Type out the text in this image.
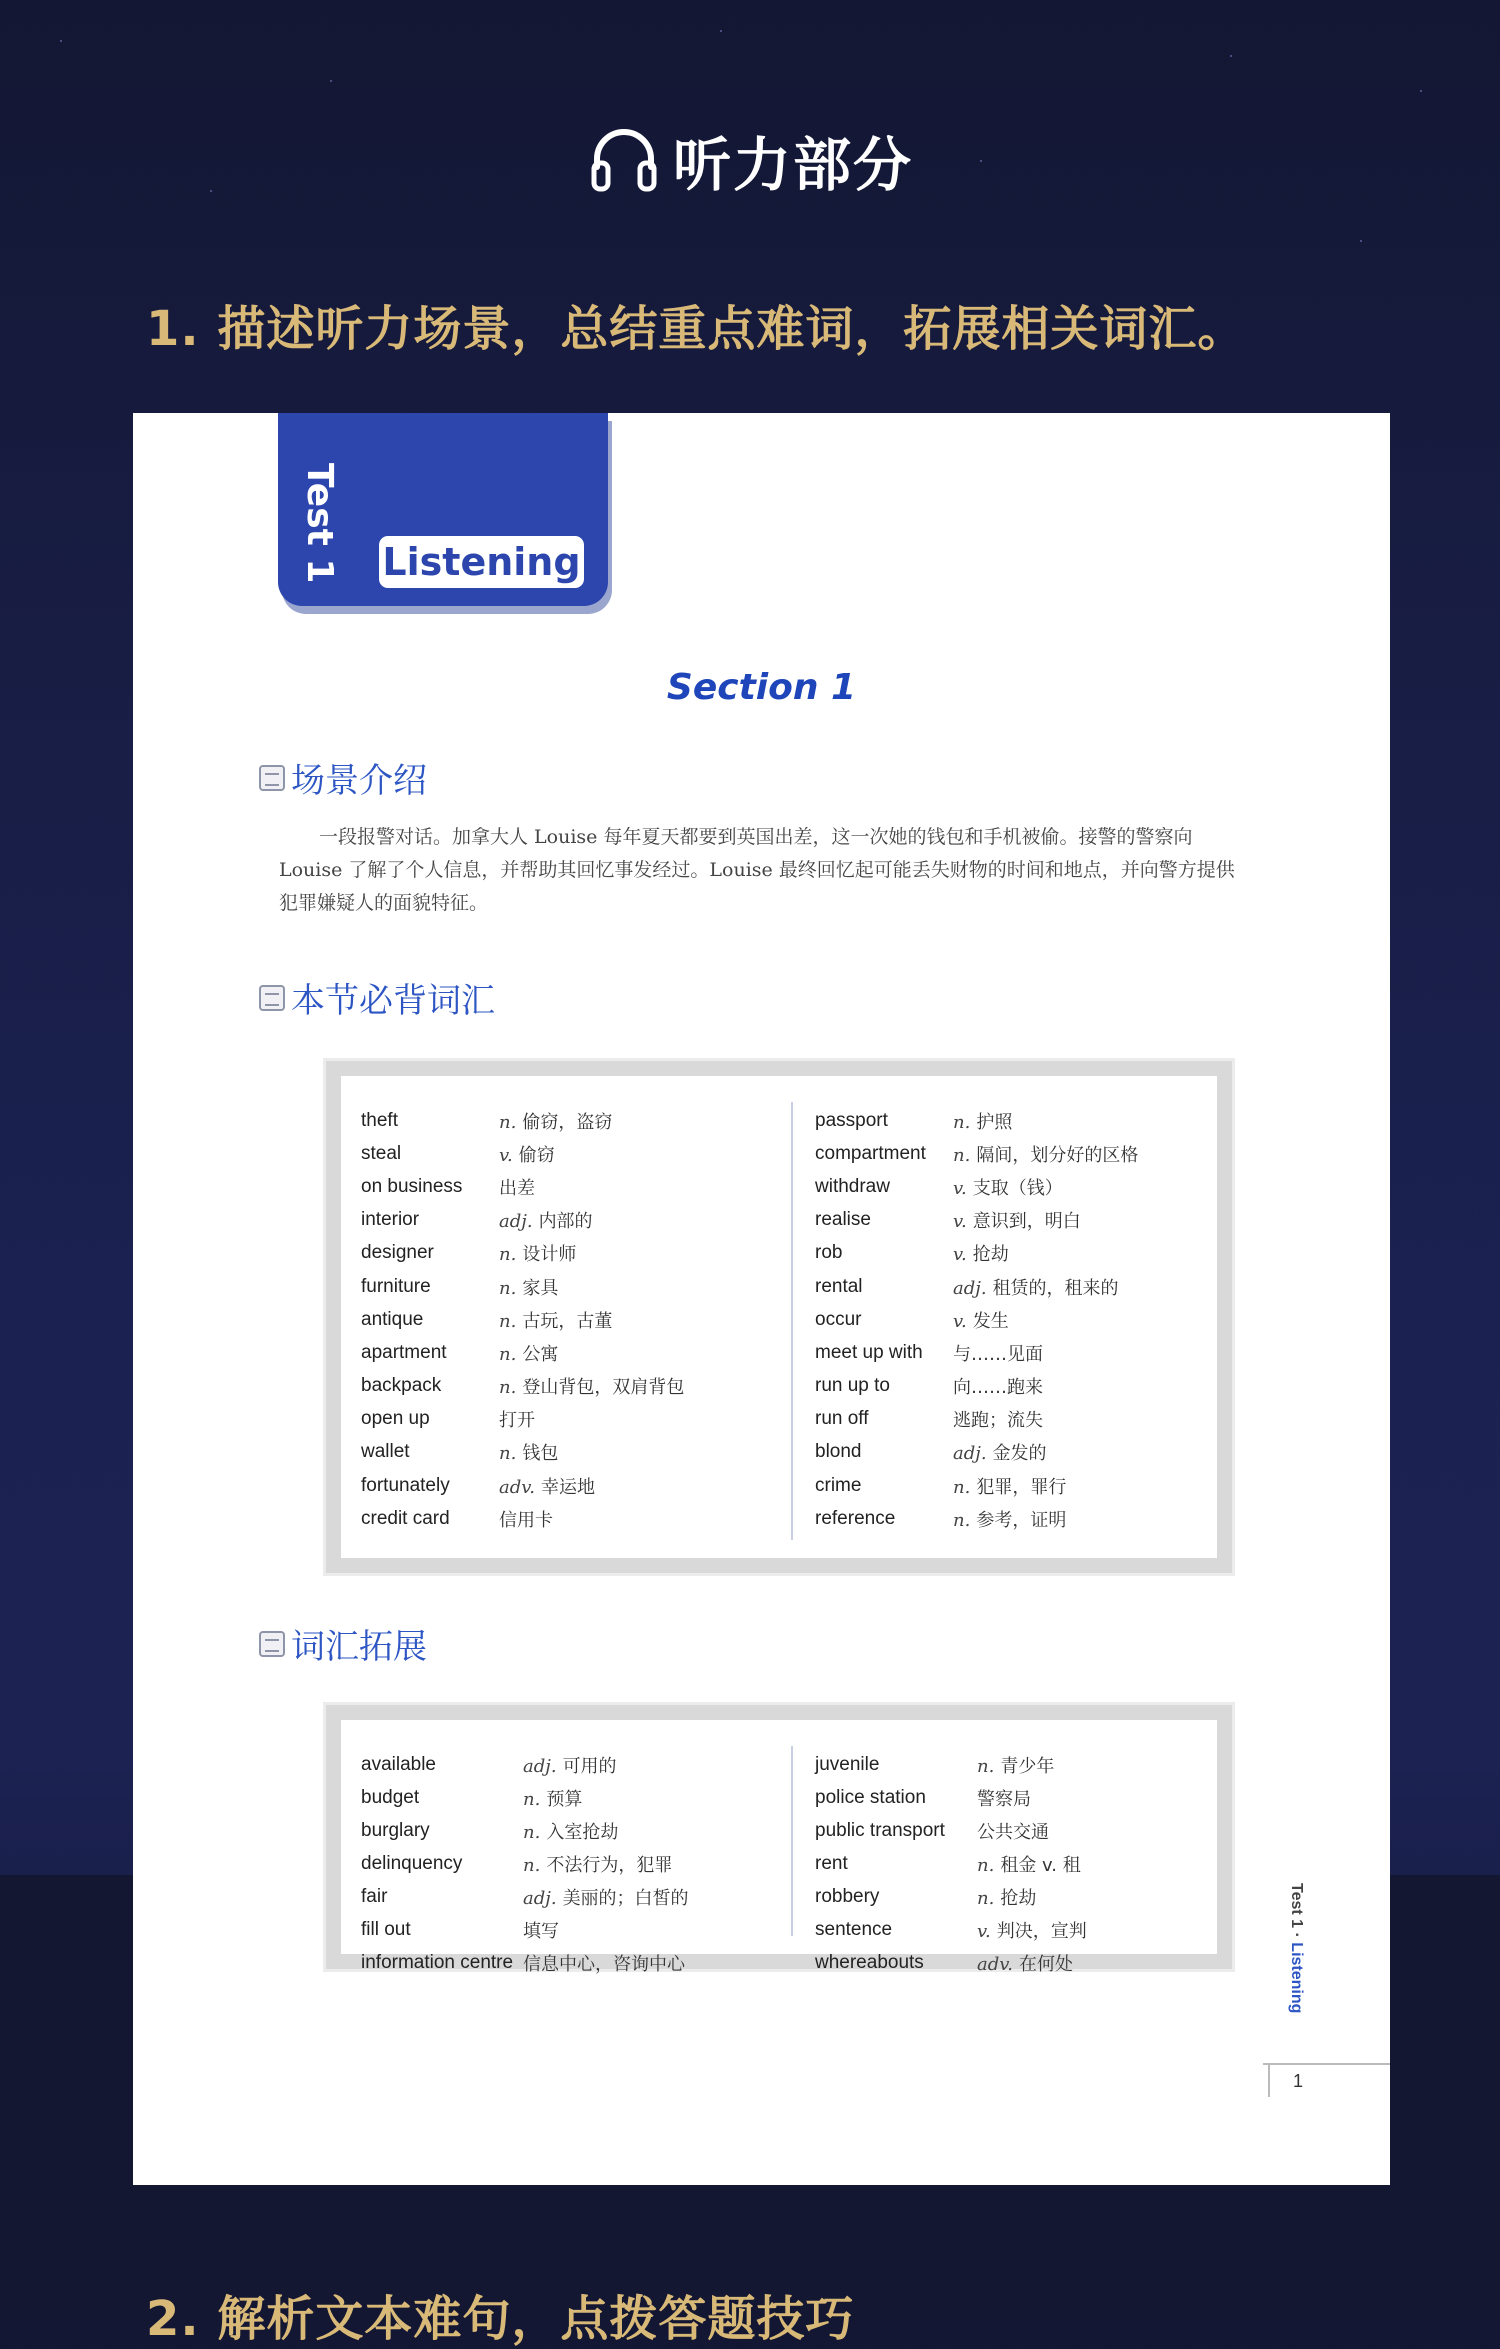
听力部分
1. 描述听力场景，总结重点难词，拓展相关词汇。
Test 1 Listening
Section 1
场景介绍

一段报警对话。加拿大人 Louise 每年夏天都要到英国出差，这一次她的钱包和手机被偷。接警的警察向 Louise 了解了个人信息，并帮助其回忆事发经过。Louise 最终回忆起可能丢失财物的时间和地点，并向警方提供犯罪嫌疑人的面貌特征。

本节必背词汇
theft	n. 偷窃，盗窃
steal	v. 偷窃
on business	出差
interior	adj. 内部的
designer	n. 设计师
furniture	n. 家具
antique	n. 古玩，古董
apartment	n. 公寓
backpack	n. 登山背包，双肩背包
open up	打开
wallet	n. 钱包
fortunately	adv. 幸运地
credit card	信用卡
passport	n. 护照
compartment	n. 隔间，划分好的区格
withdraw	v. 支取（钱）
realise	v. 意识到，明白
rob	v. 抢劫
rental	adj. 租赁的，租来的
occur	v. 发生
meet up with	与……见面
run up to	向……跑来
run off	逃跑；流失
blond	adj. 金发的
crime	n. 犯罪，罪行
reference	n. 参考，证明
词汇拓展
available	adj. 可用的
budget	n. 预算
burglary	n. 入室抢劫
delinquency	n. 不法行为，犯罪
fair	adj. 美丽的；白皙的
fill out	填写
information centre 信息中心，咨询中心
juvenile	n. 青少年
police station	警察局
public transport	公共交通
rent	n. 租金 v. 租
robbery	n. 抢劫
sentence	v. 判决，宣判
whereabouts	adv. 在何处
Test 1 · Listening
1
2. 解析文本难句，点拨答题技巧
